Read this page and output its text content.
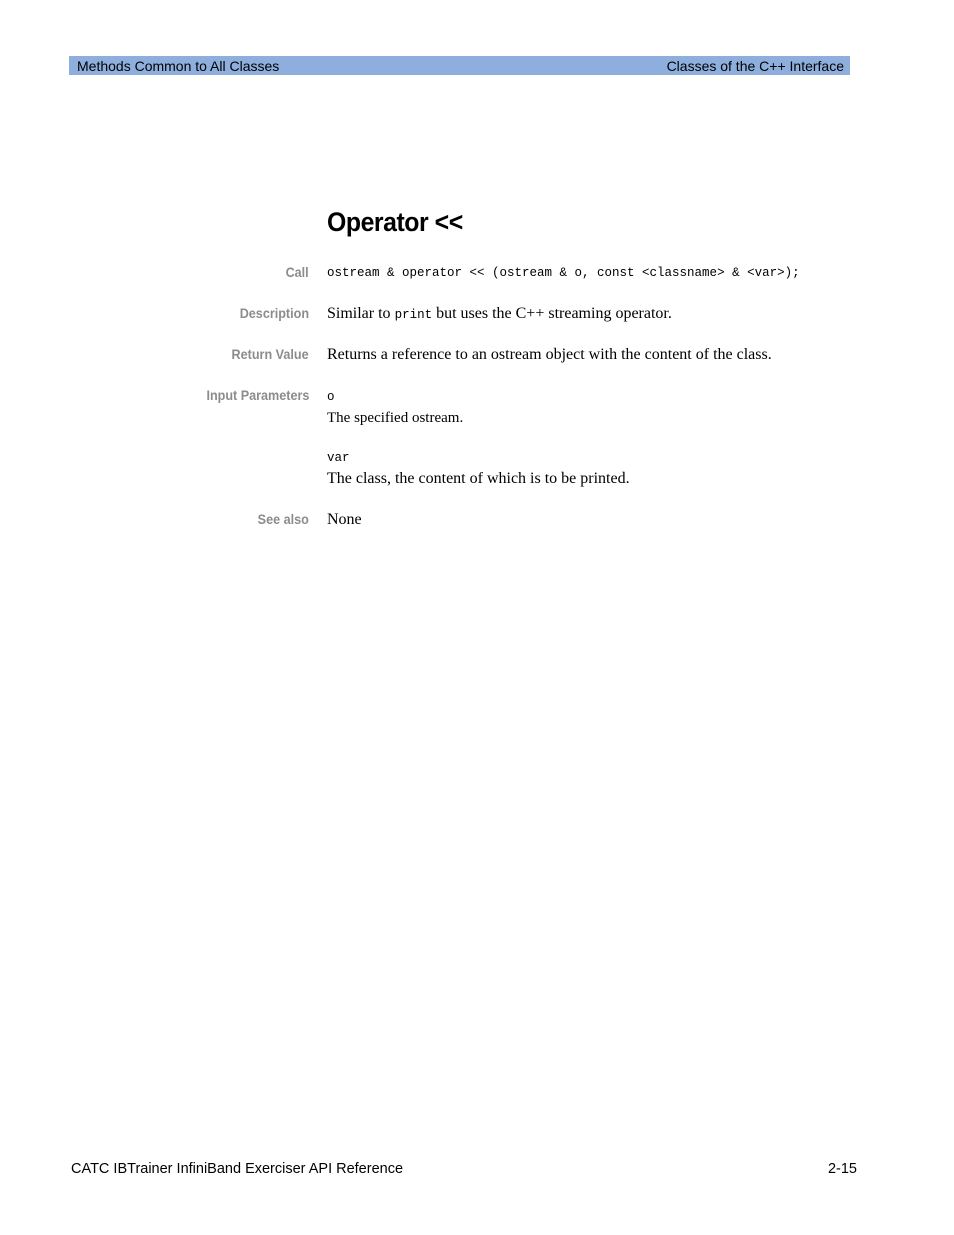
Methods Common to All Classes	Classes of the C++ Interface
Operator <<
Call ostream & operator << (ostream & o, const <classname> & <var>);
Description Similar to print but uses the C++ streaming operator.
Return Value Returns a reference to an ostream object with the content of the class.
Input Parameters o
The specified ostream.
var
The class, the content of which is to be printed.
See also None
CATC IBTrainer InfiniBand Exerciser API Reference	2-15
